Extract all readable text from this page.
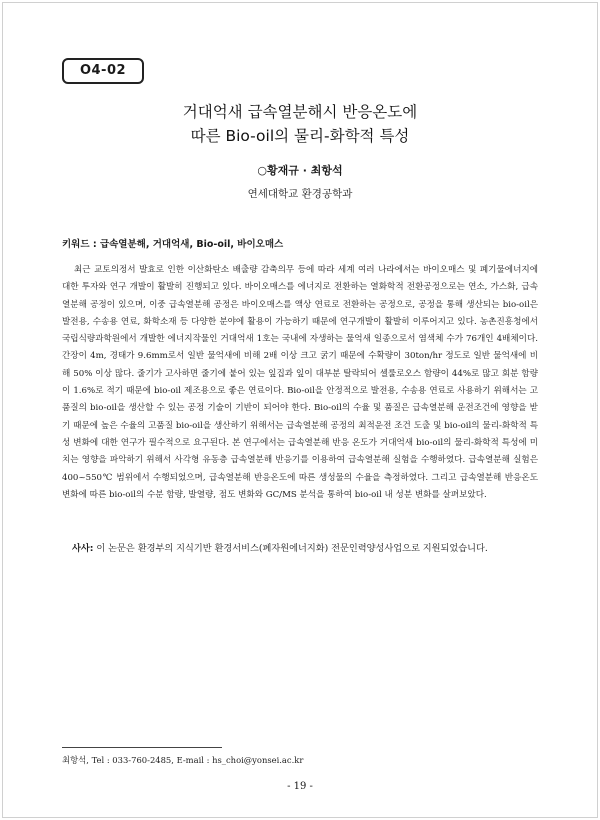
O4-02
거대억새 급속열분해시 반응온도에
따른 Bio-oil의 물리-화학적 특성
○황재규 · 최항석
연세대학교 환경공학과
키워드 : 급속열분해, 거대억새, Bio-oil, 바이오매스

최근 교토의정서 발효로 인한 이산화탄소 배출량 감축의무 등에 따라 세계 여러 나라에서는 바이오매스 및 폐기물에너지에 대한 투자와 연구 개발이 활발히 진행되고 있다. 바이오매스를 에너지로 전환하는 열화학적 전환공정으로는 연소, 가스화, 급속열분해 공정이 있으며, 이중 급속열분해 공정은 바이오매스를 액상 연료로 전환하는 공정으로, 공정을 통해 생산되는 bio-oil은 발전용, 수송용 연료, 화학소재 등 다양한 분야에 활용이 가능하기 때문에 연구개발이 활발히 이루어지고 있다. 농촌진흥청에서 국립식량과학원에서 개발한 에너지작물인 거대억새 1호는 국내에 자생하는 물억새 일종으로서 염색체 수가 76개인 4배체이다. 간장이 4m, 경태가 9.6mm로서 일반 물억새에 비해 2배 이상 크고 굵기 때문에 수확량이 30ton/hr 정도로 일반 물억새에 비해 50% 이상 많다. 줄기가 고사하면 줄기에 붙어 있는 잎집과 잎이 대부분 탈락되어 셀룰로오스 함량이 44%로 많고 회분 함량이 1.6%로 적기 때문에 bio-oil 제조용으로 좋은 연료이다. Bio-oil을 안정적으로 발전용, 수송용 연료로 사용하기 위해서는 고품질의 bio-oil을 생산할 수 있는 공정 기술이 기반이 되어야 한다. Bio-oil의 수율 및 품질은 급속열분해 운전조건에 영향을 받기 때문에 높은 수율의 고품질 bio-oil을 생산하기 위해서는 급속열분해 공정의 최적운전 조건 도출 및 bio-oil의 물리-화학적 특성 변화에 대한 연구가 필수적으로 요구된다. 본 연구에서는 급속열분해 반응 온도가 거대억새 bio-oil의 물리-화학적 특성에 미치는 영향을 파악하기 위해서 사각형 유동층 급속열분해 반응기를 이용하여 급속열분해 실험을 수행하였다. 급속열분해 실험은 400~550℃ 범위에서 수행되었으며, 급속열분해 반응온도에 따른 생성물의 수율을 측정하였다. 그리고 급속열분해 반응온도 변화에 따른 bio-oil의 수분 함량, 발열량, 점도 변화와 GC/MS 분석을 통하여 bio-oil 내 성분 변화를 살펴보았다.

사사: 이 논문은 환경부의 지식기반 환경서비스(폐자원에너지화) 전문인력양성사업으로 지원되었습니다.
최항석, Tel : 033-760-2485, E-mail : hs_choi@yonsei.ac.kr
- 19 -
